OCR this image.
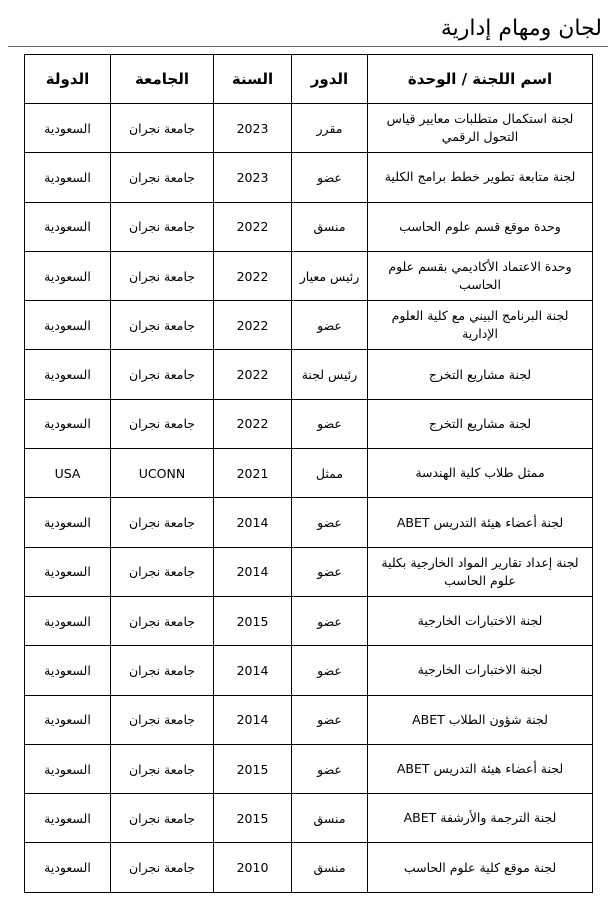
لجان ومهام إدارية
اسم اللجنة / الوحدة	الدور	السنة	الجامعة	الدولة
لجنة استكمال متطلبات معايير قياس التحول الرقمي	مقرر	2023	جامعة نجران	السعودية
لجنة متابعة تطوير خطط برامج الكلية	عضو	2023	جامعة نجران	السعودية
وحدة موقع قسم علوم الحاسب	منسق	2022	جامعة نجران	السعودية
وحدة الاعتماد الأكاديمي بقسم علوم الحاسب	رئيس معيار	2022	جامعة نجران	السعودية
لجنة البرنامج البيني مع كلية العلوم الإدارية	عضو	2022	جامعة نجران	السعودية
لجنة مشاريع التخرج	رئيس لجنة	2022	جامعة نجران	السعودية
لجنة مشاريع التخرج	عضو	2022	جامعة نجران	السعودية
ممثل طلاب كلية الهندسة	ممثل	2021	UCONN	USA
لجنة أعضاء هيئة التدريس ABET	عضو	2014	جامعة نجران	السعودية
لجنة إعداد تقارير المواد الخارجية بكلية علوم الحاسب	عضو	2014	جامعة نجران	السعودية
لجنة الاختبارات الخارجية	عضو	2015	جامعة نجران	السعودية
لجنة الاختبارات الخارجية	عضو	2014	جامعة نجران	السعودية
لجنة شؤون الطلاب ABET	عضو	2014	جامعة نجران	السعودية
لجنة أعضاء هيئة التدريس ABET	عضو	2015	جامعة نجران	السعودية
لجنة الترجمة والأرشفة ABET	منسق	2015	جامعة نجران	السعودية
لجنة موقع كلية علوم الحاسب	منسق	2010	جامعة نجران	السعودية
